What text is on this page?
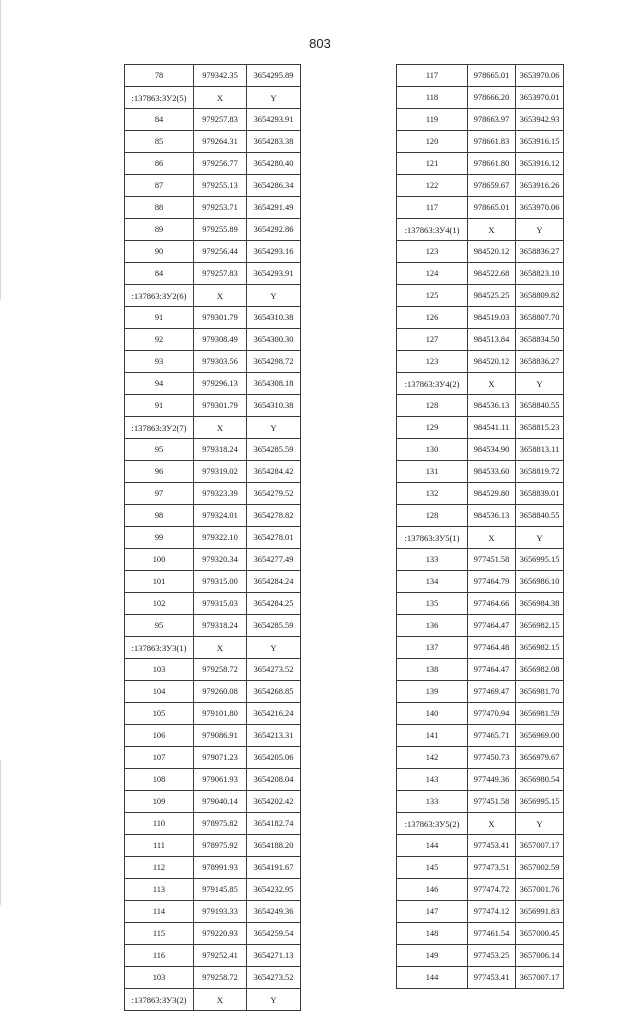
803
78	979342.35	3654295.89
:137863:ЗУ2(5)	X	Y
84	979257.83	3654293.91
85	979264.31	3654283.38
86	979256.77	3654280.40
87	979255.13	3654286.34
88	979253.71	3654291.49
89	979255.89	3654292.86
90	979256.44	3654293.16
84	979257.83	3654293.91
:137863:ЗУ2(6)	X	Y
91	979301.79	3654310.38
92	979308.49	3654300.30
93	979303.56	3654298.72
94	979296.13	3654308.18
91	979301.79	3654310.38
:137863:ЗУ2(7)	X	Y
95	979318.24	3654285.59
96	979319.02	3654284.42
97	979323.39	3654279.52
98	979324.01	3654278.82
99	979322.10	3654278.01
100	979320.34	3654277.49
101	979315.00	3654284.24
102	979315.03	3654284.25
95	979318.24	3654285.59
:137863:ЗУ3(1)	X	Y
103	979258.72	3654273.52
104	979260.08	3654268.85
105	979101.80	3654216.24
106	979086.91	3654213.31
107	979071.23	3654205.06
108	979061.93	3654208.04
109	979040.14	3654202.42
110	978975.82	3654182.74
111	978975.92	3654188.20
112	978991.93	3654191.67
113	979145.85	3654232.95
114	979193.33	3654249.36
115	979220.93	3654259.54
116	979252.41	3654271.13
103	979258.72	3654273.52
:137863:ЗУ3(2)	X	Y
117	978665.01	3653970.06
118	978666.20	3653970.01
119	978663.97	3653942.93
120	978661.83	3653916.15
121	978661.80	3653916.12
122	978659.67	3653916.26
117	978665.01	3653970.06
:137863:ЗУ4(1)	X	Y
123	984520.12	3658836.27
124	984522.68	3658823.10
125	984525.25	3658809.82
126	984519.03	3658807.70
127	984513.84	3658834.50
123	984520.12	3658836.27
:137863:ЗУ4(2)	X	Y
128	984536.13	3658840.55
129	984541.11	3658815.23
130	984534.90	3658813.11
131	984533.60	3658819.72
132	984529.80	3658839.01
128	984536.13	3658840.55
:137863:ЗУ5(1)	X	Y
133	977451.58	3656995.15
134	977464.79	3656986.10
135	977464.66	3656984.38
136	977464.47	3656982.15
137	977464.48	3656982.15
138	977464.47	3656982.08
139	977469.47	3656981.70
140	977470.94	3656981.59
141	977465.71	3656969.00
142	977450.73	3656979.67
143	977449.36	3656980.54
133	977451.58	3656995.15
:137863:ЗУ5(2)	X	Y
144	977453.41	3657007.17
145	977473.51	3657002.59
146	977474.72	3657001.76
147	977474.12	3656991.83
148	977461.54	3657000.45
149	977453.25	3657006.14
144	977453.41	3657007.17
